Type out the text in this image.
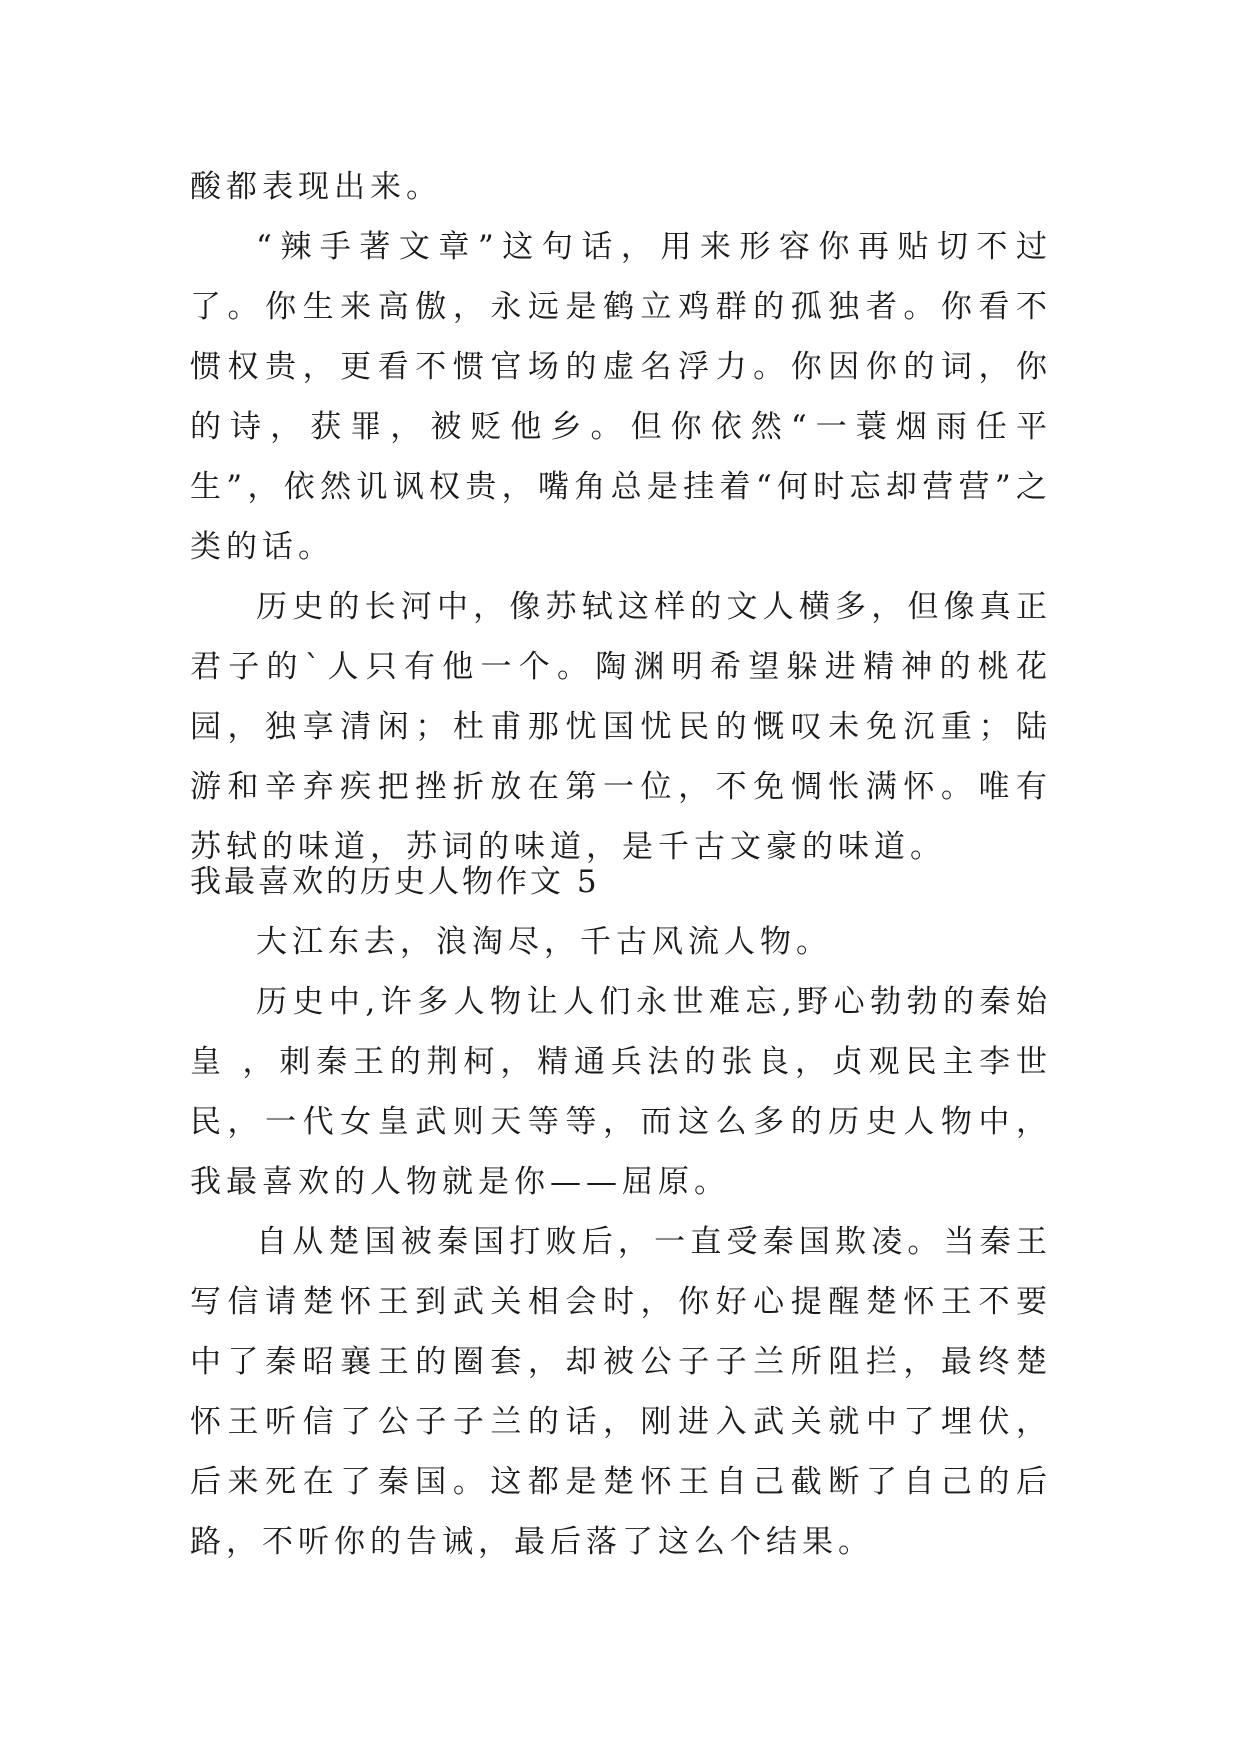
酸都表现出来。

“辣手著文章”这句话，用来形容你再贴切不过了。你生来高傲，永远是鹤立鸡群的孤独者。你看不惯权贵，更看不惯官场的虚名浮力。你因你的词，你的诗，获罪，被贬他乡。但你依然“一蓑烟雨任平生”，依然讥讽权贵，嘴角总是挂着“何时忘却营营”之类的话。

历史的长河中，像苏轼这样的文人横多，但像真正君子的`人只有他一个。陶渊明希望躲进精神的桃花园，独享清闲；杜甫那忧国忧民的慨叹未免沉重；陆游和辛弃疾把挫折放在第一位，不免惆怅满怀。唯有苏轼的味道，苏词的味道，是千古文豪的味道。

我最喜欢的历史人物作文 5

大江东去，浪淘尽，千古风流人物。

历史中,许多人物让人们永世难忘,野心勃勃的秦始皇 ，刺秦王的荆柯，精通兵法的张良，贞观民主李世民，一代女皇武则天等等，而这么多的历史人物中，我最喜欢的人物就是你——屈原。

自从楚国被秦国打败后，一直受秦国欺凌。当秦王写信请楚怀王到武关相会时，你好心提醒楚怀王不要中了秦昭襄王的圈套，却被公子子兰所阻拦，最终楚怀王听信了公子子兰的话，刚进入武关就中了埋伏，后来死在了秦国。这都是楚怀王自己截断了自己的后路，不听你的告诫，最后落了这么个结果。
